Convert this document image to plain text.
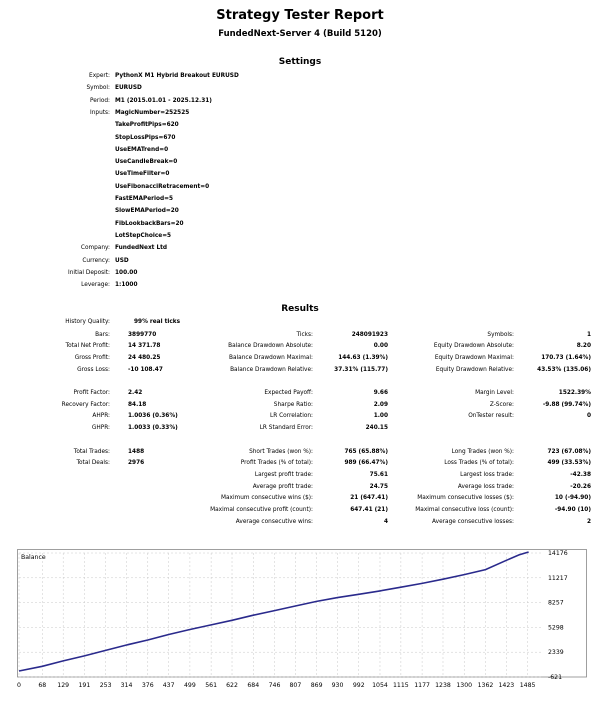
Strategy Tester Report
FundedNext-Server 4 (Build 5120)
Settings
Expert: PythonX M1 Hybrid Breakout EURUSD
Symbol: EURUSD
Period: M1 (2015.01.01 - 2025.12.31)
Inputs: MagicNumber=252525
TakeProfitPips=620
StopLossPips=670
UseEMATrend=0
UseCandleBreak=0
UseTimeFilter=0
UseFibonacciRetracement=0
FastEMAPeriod=5
SlowEMAPeriod=20
FibLookbackBars=20
LotStepChoice=5
Company: FundedNext Ltd
Currency: USD
Initial Deposit: 100.00
Leverage: 1:1000
Results
History Quality:	99% real ticks
Bars:	3899770	Ticks:	248091923	Symbols:	1
Total Net Profit:	14 371.78	Balance Drawdown Absolute:	0.00	Equity Drawdown Absolute:	8.20
Gross Profit:	24 480.25	Balance Drawdown Maximal:	144.63 (1.39%)	Equity Drawdown Maximal:	170.73 (1.64%)
Gross Loss:	-10 108.47	Balance Drawdown Relative:	37.31% (115.77)	Equity Drawdown Relative:	43.53% (135.06)
Profit Factor:	2.42	Expected Payoff:	9.66	Margin Level:	1522.39%
Recovery Factor:	84.18	Sharpe Ratio:	2.09	Z-Score:	-9.88 (99.74%)
AHPR:	1.0036 (0.36%)	LR Correlation:	1.00	OnTester result:	0
GHPR:	1.0033 (0.33%)	LR Standard Error:	240.15
Total Trades:	1488	Short Trades (won %):	765 (65.88%)	Long Trades (won %):	723 (67.08%)
Total Deals:	2976	Profit Trades (% of total):	989 (66.47%)	Loss Trades (% of total):	499 (33.53%)
Largest profit trade:	75.61	Largest loss trade:	-42.38
Average profit trade:	24.75	Average loss trade:	-20.26
Maximum consecutive wins ($):	21 (647.41)	Maximum consecutive losses ($):	10 (-94.90)
Maximal consecutive profit (count):	647.41 (21)	Maximal consecutive loss (count):	-94.90 (10)
Average consecutive wins:	4	Average consecutive losses:	2
0	68 129 191 253 314 376 437 499 561 622 684 746 807 869 930 992 1054 1115 1177 1238 1300 1362 1423 1485
-621
2339
5298
8257
11217
14176
Balance
